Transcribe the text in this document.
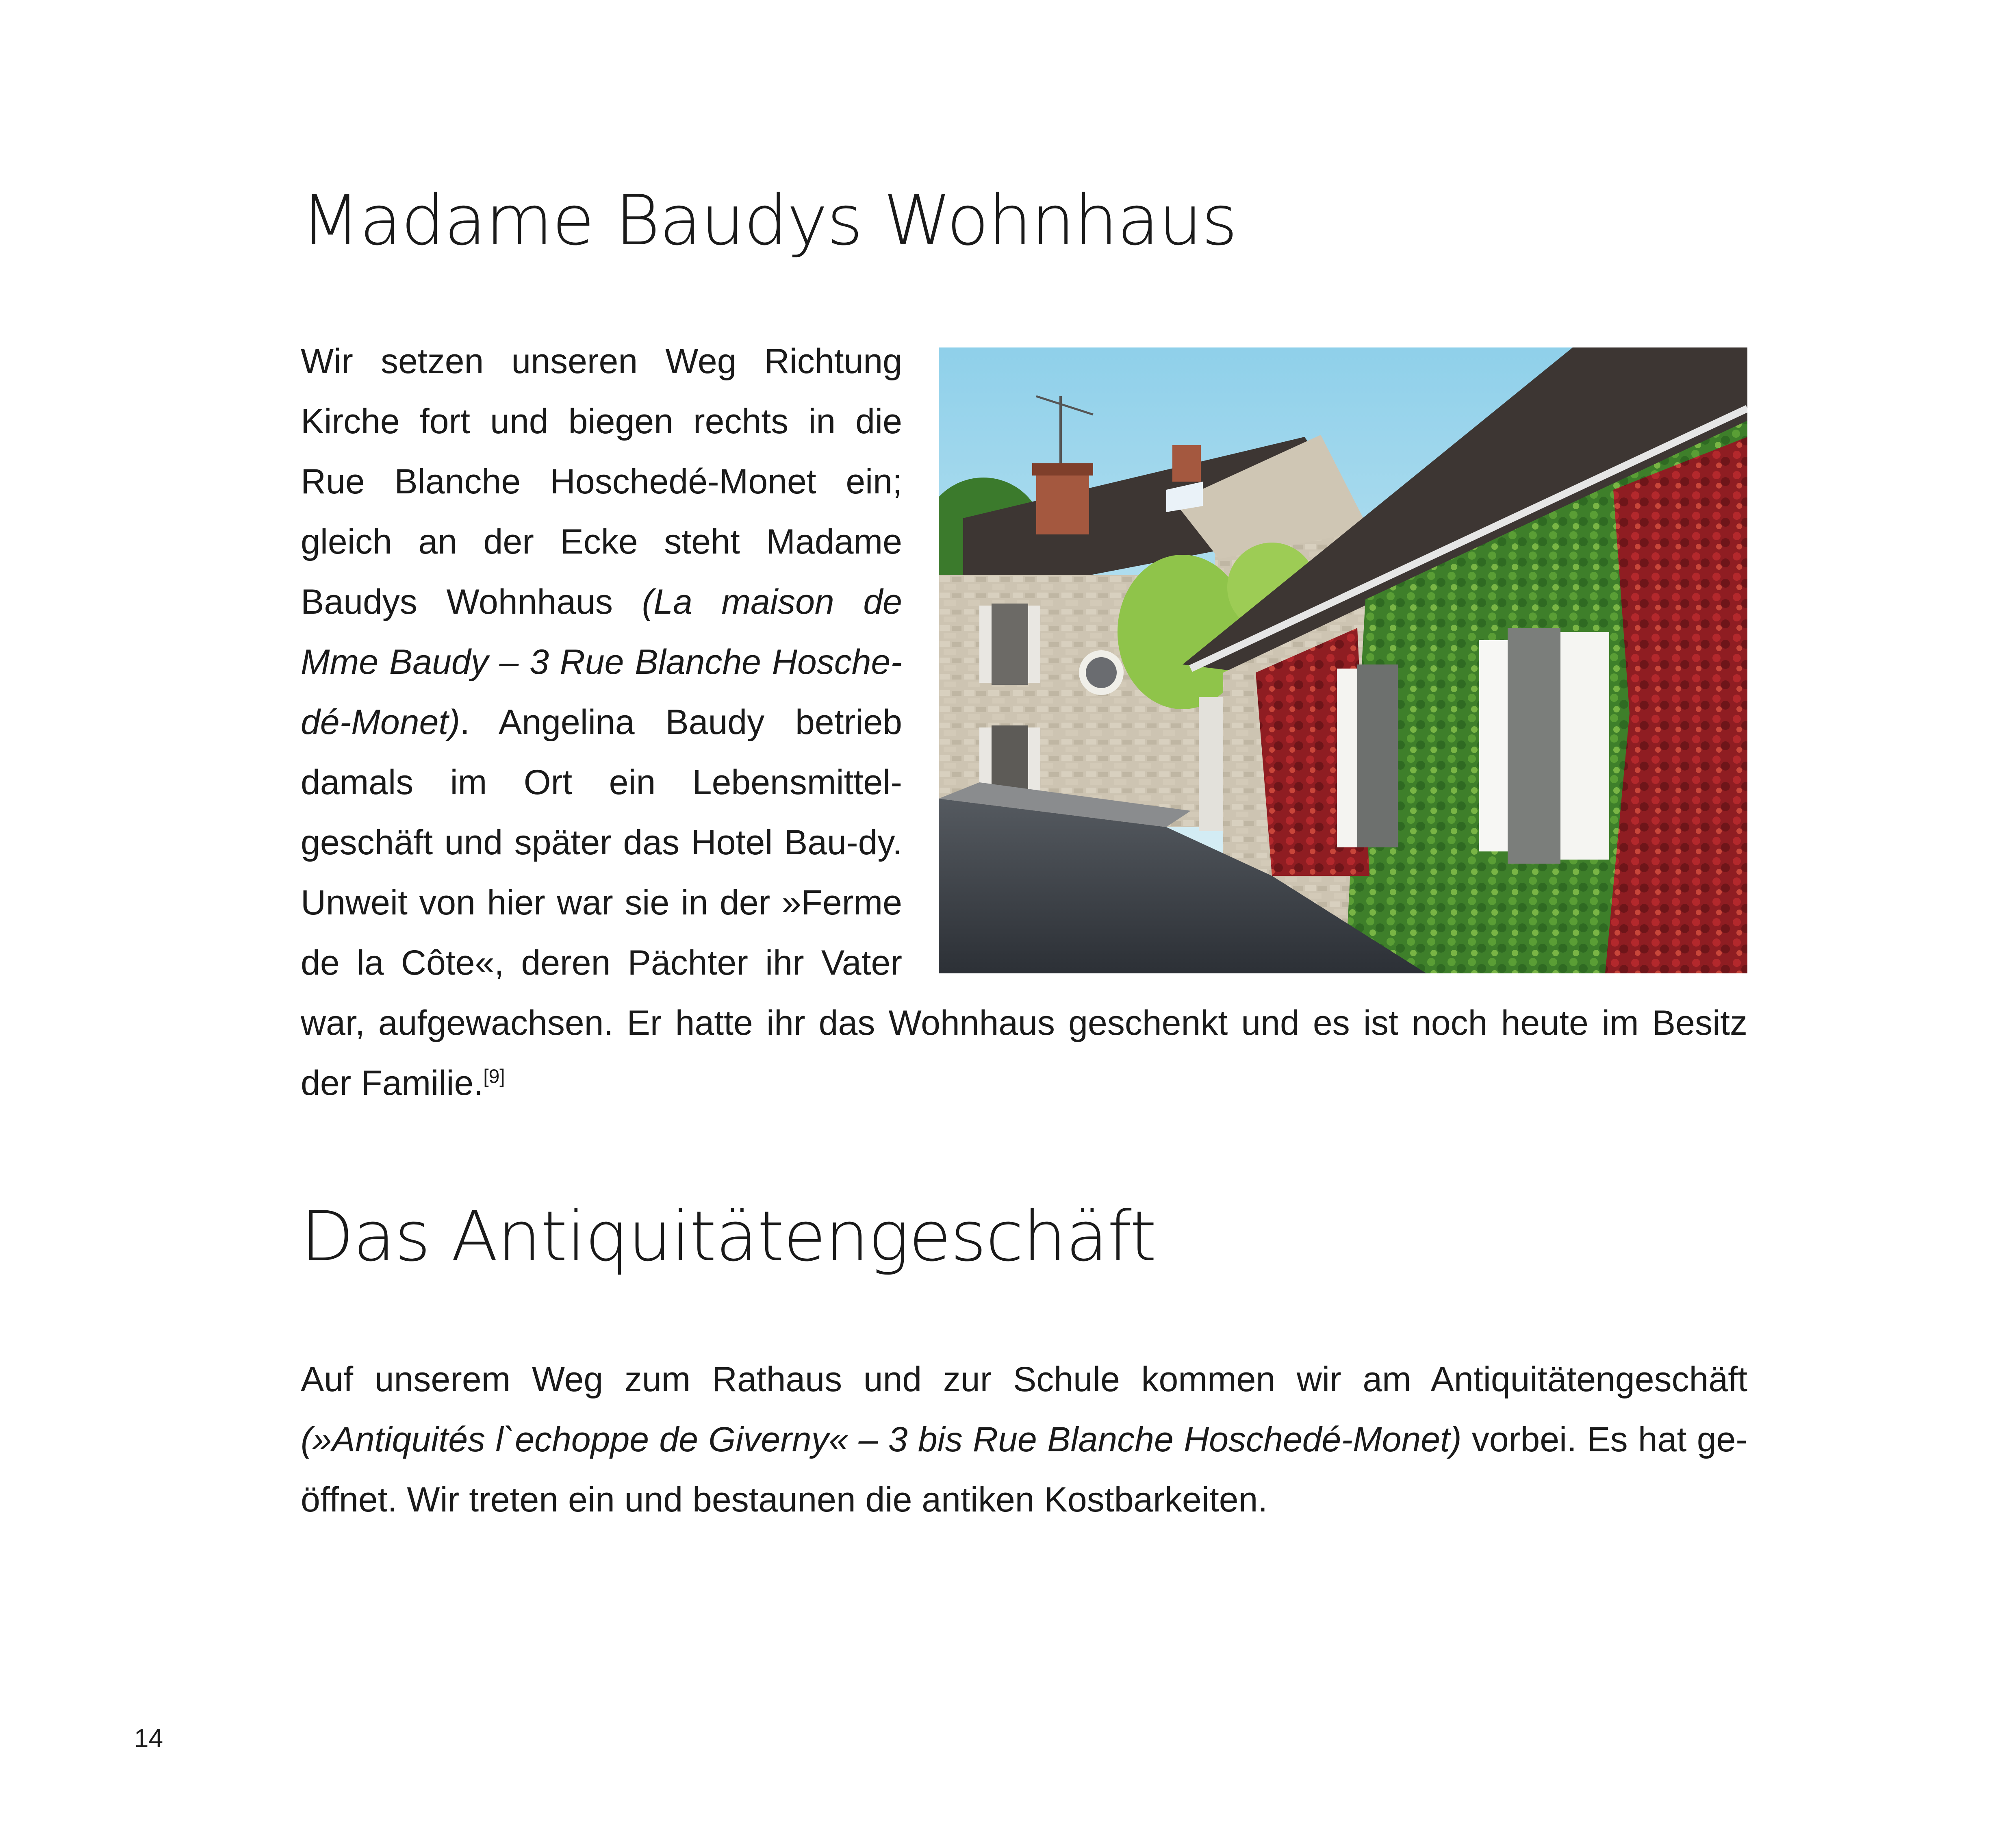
Madame Baudys Wohnhaus

Wir setzen unseren Weg Richtung Kirche fort und biegen rechts in die Rue Blanche Hoschedé-Monet ein; gleich an der Ecke steht Madame Baudys Wohnhaus (La maison de Mme Baudy – 3 Rue Blanche Hosche-dé-Monet). Angelina Baudy betrieb damals im Ort ein Lebensmittel-geschäft und später das Hotel Bau-dy. Unweit von hier war sie in der »Ferme de la Côte«, deren Pächter ihr Vater war, aufgewachsen. Er hatte ihr das Wohnhaus geschenkt und es ist noch heute im Besitz der Familie.[9]

Das Antiquitätengeschäft

Auf unserem Weg zum Rathaus und zur Schule kommen wir am Antiquitätengeschäft (»Antiquités l`echoppe de Giverny« – 3 bis Rue Blanche Hoschedé-Monet) vorbei. Es hat ge-öffnet. Wir treten ein und bestaunen die antiken Kostbarkeiten.

14
